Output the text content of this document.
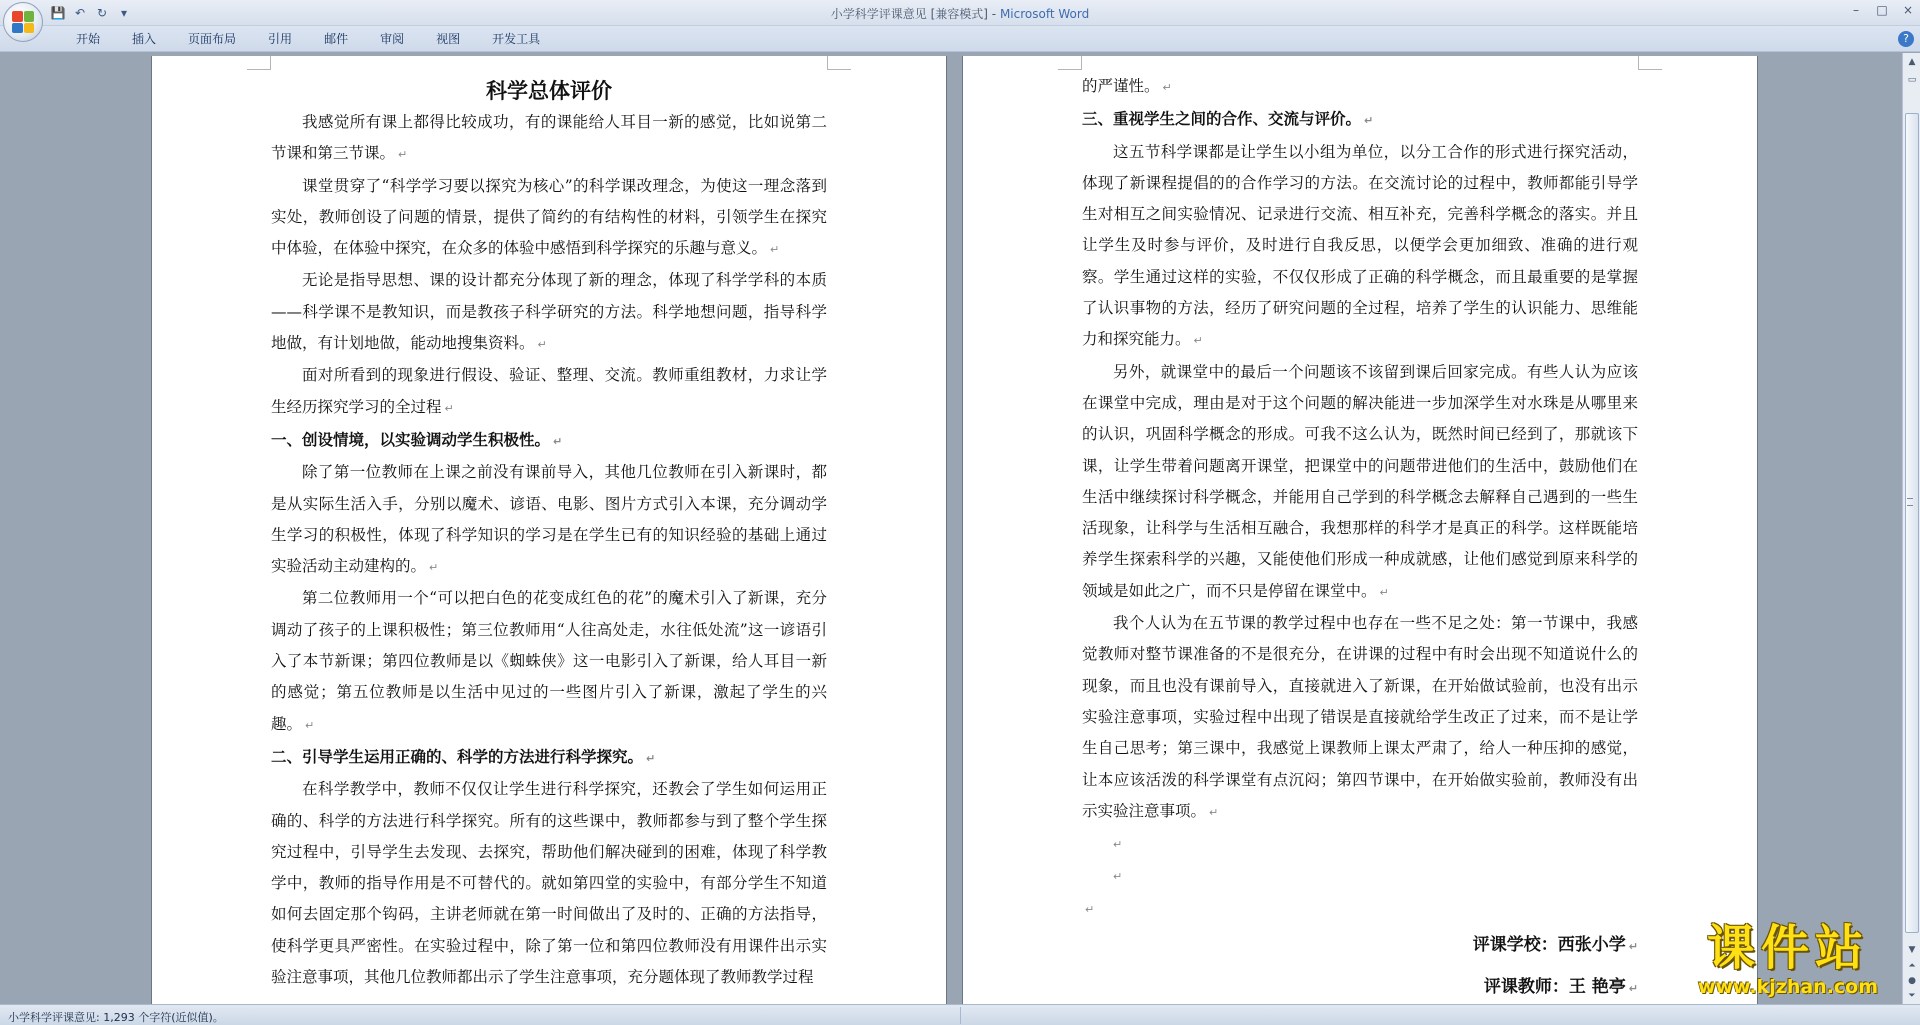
💾 ↶ ↻	▾	小学科学评课意见 [兼容模式] - Microsoft Word	–	□ ×
开始	插入	页面布局	引用	邮件	审阅	视图	开发工具	?

科学总体评价

我感觉所有课上都得比较成功，有的课能给人耳目一新的感觉，比如说第二节课和第三节课。 ↵

课堂贯穿了“科学学习要以探究为核心”的科学课改理念，为使这一理念落到实处，教师创设了问题的情景，提供了简约的有结构性的材料，引领学生在探究中体验，在体验中探究，在众多的体验中感悟到科学探究的乐趣与意义。 ↵

无论是指导思想、课的设计都充分体现了新的理念，体现了科学学科的本质——科学课不是教知识，而是教孩子科学研究的方法。科学地想问题，指导科学地做，有计划地做，能动地搜集资料。 ↵

面对所看到的现象进行假设、验证、整理、交流。教师重组教材，力求让学生经历探究学习的全过程 ↵

一、创设情境，以实验调动学生积极性。 ↵

除了第一位教师在上课之前没有课前导入，其他几位教师在引入新课时，都是从实际生活入手，分别以魔术、谚语、电影、图片方式引入本课，充分调动学生学习的积极性，体现了科学知识的学习是在学生已有的知识经验的基础上通过实验活动主动建构的。 ↵

第二位教师用一个“可以把白色的花变成红色的花”的魔术引入了新课，充分调动了孩子的上课积极性；第三位教师用“人往高处走，水往低处流”这一谚语引入了本节新课；第四位教师是以《蜘蛛侠》这一电影引入了新课，给人耳目一新的感觉；第五位教师是以生活中见过的一些图片引入了新课，激起了学生的兴趣。 ↵

二、引导学生运用正确的、科学的方法进行科学探究。 ↵

在科学教学中，教师不仅仅让学生进行科学探究，还教会了学生如何运用正确的、科学的方法进行科学探究。所有的这些课中，教师都参与到了整个学生探究过程中，引导学生去发现、去探究，帮助他们解决碰到的困难，体现了科学教学中，教师的指导作用是不可替代的。就如第四堂的实验中，有部分学生不知道如何去固定那个钩码，主讲老师就在第一时间做出了及时的、正确的方法指导，使科学更具严密性。在实验过程中，除了第一位和第四位教师没有用课件出示实验注意事项，其他几位教师都出示了学生注意事项，充分题体现了教师教学过程

的严谨性。 ↵

三、重视学生之间的合作、交流与评价。 ↵

这五节科学课都是让学生以小组为单位，以分工合作的形式进行探究活动，体现了新课程提倡的的合作学习的方法。在交流讨论的过程中，教师都能引导学生对相互之间实验情况、记录进行交流、相互补充，完善科学概念的落实。并且让学生及时参与评价，及时进行自我反思，以便学会更加细致、准确的进行观察。学生通过这样的实验，不仅仅形成了正确的科学概念，而且最重要的是掌握了认识事物的方法，经历了研究问题的全过程，培养了学生的认识能力、思维能力和探究能力。 ↵

另外，就课堂中的最后一个问题该不该留到课后回家完成。有些人认为应该在课堂中完成，理由是对于这个问题的解决能进一步加深学生对水珠是从哪里来的认识，巩固科学概念的形成。可我不这么认为，既然时间已经到了，那就该下课，让学生带着问题离开课堂，把课堂中的问题带进他们的生活中，鼓励他们在生活中继续探讨科学概念，并能用自己学到的科学概念去解释自己遇到的一些生活现象，让科学与生活相互融合，我想那样的科学才是真正的科学。这样既能培养学生探索科学的兴趣，又能使他们形成一种成就感，让他们感觉到原来科学的领域是如此之广，而不只是停留在课堂中。 ↵

我个人认为在五节课的教学过程中也存在一些不足之处：第一节课中，我感觉教师对整节课准备的不是很充分，在讲课的过程中有时会出现不知道说什么的现象，而且也没有课前导入，直接就进入了新课，在开始做试验前，也没有出示实验注意事项，实验过程中出现了错误是直接就给学生改正了过来，而不是让学生自己思考；第三课中，我感觉上课教师上课太严肃了，给人一种压抑的感觉，让本应该活泼的科学课堂有点沉闷；第四节课中，在开始做实验前，教师没有出示实验注意事项。 ↵

↵

↵

↵

评课学校：西张小学 ↵

评课教师：王 艳亭 ↵

▲
▭
▼
⏶
●
⏷
小学科学评课意见: 1,293 个字符(近似值)。
课件站
www.kjzhan.com
